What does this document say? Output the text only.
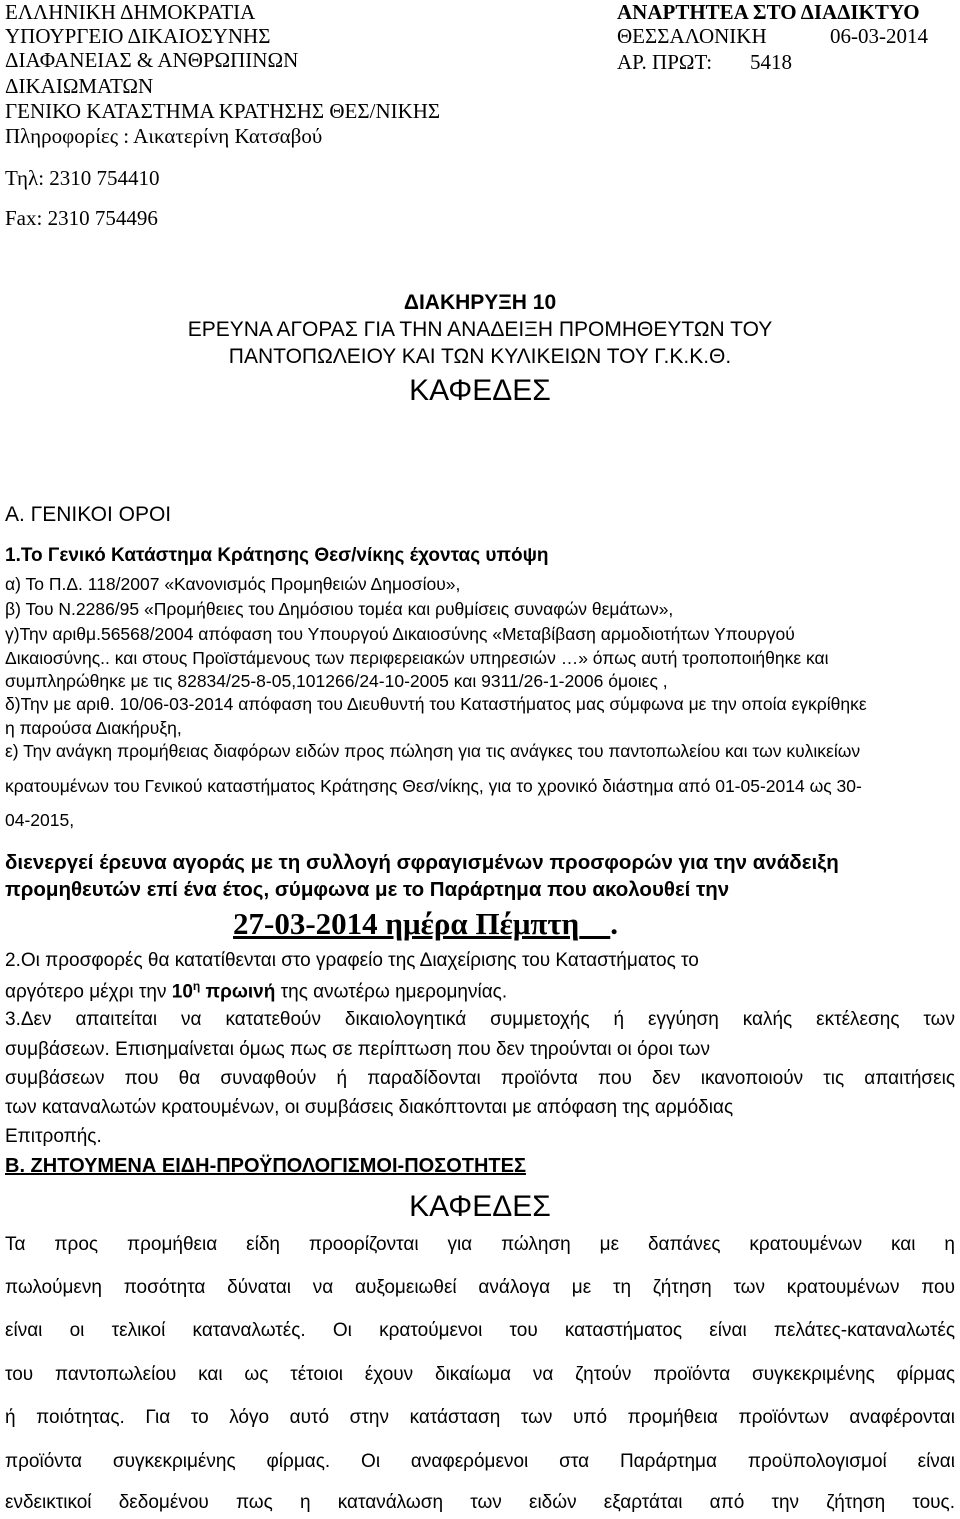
ΕΛΛΗΝΙΚΗ ΔΗΜΟΚΡΑΤΙΑ
ΥΠΟΥΡΓΕΙΟ ΔΙΚΑΙΟΣΥΝΗΣ
ΔΙΑΦΑΝΕΙΑΣ & ΑΝΘΡΩΠΙΝΩΝ
ΔΙΚΑΙΩΜΑΤΩΝ
ΓΕΝΙΚΟ ΚΑΤΑΣΤΗΜΑ ΚΡΑΤΗΣΗΣ ΘΕΣ/ΝΙΚΗΣ
Πληροφορίες : Αικατερίνη Κατσαβού
Τηλ: 2310 754410
Fax: 2310 754496
ΑΝΑΡΤΗΤΕΑ ΣΤΟ ΔΙΑΔΙΚΤΥΟ
ΘΕΣΣΑΛΟΝΙΚΗ	06-03-2014
ΑΡ. ΠΡΩΤ: 5418
ΔΙΑΚΗΡΥΞΗ 10
ΕΡΕΥΝΑ ΑΓΟΡΑΣ ΓΙΑ ΤΗΝ ΑΝΑΔΕΙΞΗ ΠΡΟΜΗΘΕΥΤΩΝ ΤΟΥ
ΠΑΝΤΟΠΩΛΕΙΟΥ ΚΑΙ ΤΩΝ ΚΥΛΙΚΕΙΩΝ ΤΟΥ Γ.Κ.Κ.Θ.
ΚΑΦΕΔΕΣ
Α. ΓΕΝΙΚΟΙ ΟΡΟΙ
1.Το Γενικό Κατάστημα Κράτησης Θεσ/νίκης έχοντας υπόψη
α) Το Π.Δ. 118/2007 «Κανονισμός Προμηθειών Δημοσίου»,
β) Του Ν.2286/95 «Προμήθειες του Δημόσιου τομέα και ρυθμίσεις συναφών θεμάτων»,
γ)Την αριθμ.56568/2004 απόφαση του Υπουργού Δικαιοσύνης «Μεταβίβαση αρμοδιοτήτων Υπουργού
Δικαιοσύνης.. και στους Προϊστάμενους των περιφερειακών υπηρεσιών …» όπως αυτή τροποποιήθηκε και
συμπληρώθηκε με τις 82834/25-8-05,101266/24-10-2005 και 9311/26-1-2006 όμοιες ,
δ)Την με αριθ. 10/06-03-2014 απόφαση του Διευθυντή του Καταστήματος μας σύμφωνα με την οποία εγκρίθηκε
η παρούσα Διακήρυξη,
ε) Την ανάγκη προμήθειας διαφόρων ειδών προς πώληση για τις ανάγκες του παντοπωλείου και των κυλικείων
κρατουμένων του Γενικού καταστήματος Κράτησης Θεσ/νίκης, για το χρονικό διάστημα από 01-05-2014 ως 30-
04-2015,
διενεργεί έρευνα αγοράς με τη συλλογή σφραγισμένων προσφορών για την ανάδειξη
προμηθευτών επί ένα έτος, σύμφωνα με το Παράρτημα που ακολουθεί την
27-03-2014 ημέρα Πέμπτη .
2.Οι προσφορές θα κατατίθενται στο γραφείο της Διαχείρισης του Καταστήματος το
αργότερο μέχρι την $10^\eta$ πρωινή της ανωτέρω ημερομηνίας.
3.Δεν απαιτείται να κατατεθούν δικαιολογητικά συμμετοχής ή εγγύηση καλής εκτέλεσης των
συμβάσεων. Επισημαίνεται όμως πως σε περίπτωση που δεν τηρούνται οι όροι των
συμβάσεων που θα συναφθούν ή παραδίδονται προϊόντα που δεν ικανοποιούν τις απαιτήσεις
των καταναλωτών κρατουμένων, οι συμβάσεις διακόπτονται με απόφαση της αρμόδιας
Επιτροπής.
Β. ΖΗΤΟΥΜΕΝΑ ΕΙΔΗ-ΠΡΟΫΠΟΛΟΓΙΣΜΟΙ-ΠΟΣΟΤΗΤΕΣ
ΚΑΦΕΔΕΣ
Τα προς προμήθεια είδη προορίζονται για πώληση με δαπάνες κρατουμένων και η
πωλούμενη ποσότητα δύναται να αυξομειωθεί ανάλογα με τη ζήτηση των κρατουμένων που
είναι οι τελικοί καταναλωτές. Οι κρατούμενοι του καταστήματος είναι πελάτες-καταναλωτές
του παντοπωλείου και ως τέτοιοι έχουν δικαίωμα να ζητούν προϊόντα συγκεκριμένης φίρμας
ή ποιότητας. Για το λόγο αυτό στην κατάσταση των υπό προμήθεια προϊόντων αναφέρονται
προϊόντα συγκεκριμένης φίρμας. Οι αναφερόμενοι στα Παράρτημα προϋπολογισμοί είναι
ενδεικτικοί δεδομένου πως η κατανάλωση των ειδών εξαρτάται από την ζήτηση τους.
